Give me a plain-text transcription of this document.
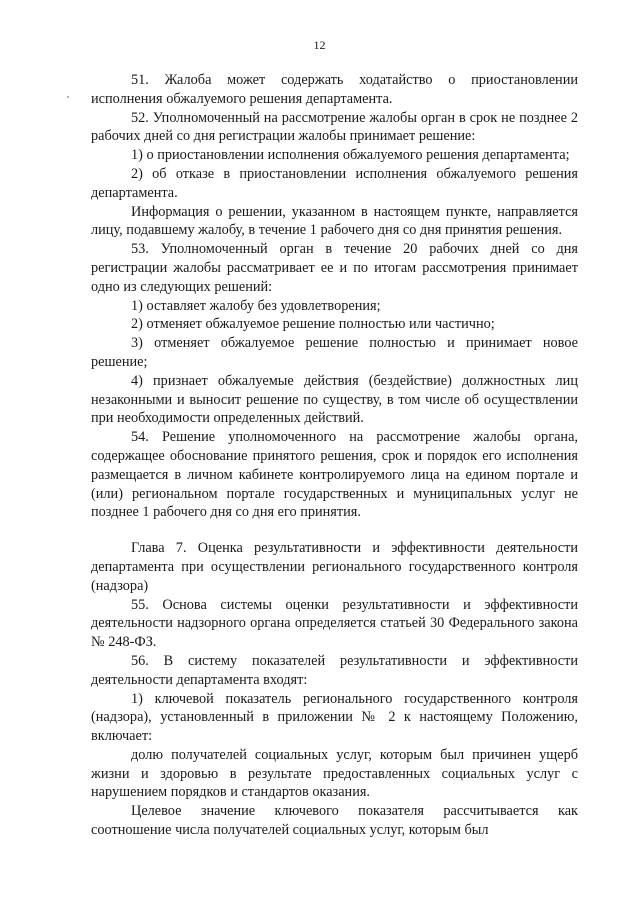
12

51. Жалоба может содержать ходатайство о приостановлении исполнения обжалуемого решения департамента.

52. Уполномоченный на рассмотрение жалобы орган в срок не позднее 2 рабочих дней со дня регистрации жалобы принимает решение:

1) о приостановлении исполнения обжалуемого решения департамента;

2) об отказе в приостановлении исполнения обжалуемого решения департамента.

Информация о решении, указанном в настоящем пункте, направляется лицу, подавшему жалобу, в течение 1 рабочего дня со дня принятия решения.

53. Уполномоченный орган в течение 20 рабочих дней со дня регистрации жалобы рассматривает ее и по итогам рассмотрения принимает одно из следующих решений:

1) оставляет жалобу без удовлетворения;

2) отменяет обжалуемое решение полностью или частично;

3) отменяет обжалуемое решение полностью и принимает новое решение;

4) признает обжалуемые действия (бездействие) должностных лиц незаконными и выносит решение по существу, в том числе об осуществлении при необходимости определенных действий.

54. Решение уполномоченного на рассмотрение жалобы органа, содержащее обоснование принятого решения, срок и порядок его исполнения размещается в личном кабинете контролируемого лица на едином портале и (или) региональном портале государственных и муниципальных услуг не позднее 1 рабочего дня со дня его принятия.

Глава 7. Оценка результативности и эффективности деятельности департамента при осуществлении регионального государственного контроля (надзора)

55. Основа системы оценки результативности и эффективности деятельности надзорного органа определяется статьей 30 Федерального закона № 248-ФЗ.

56. В систему показателей результативности и эффективности деятельности департамента входят:

1) ключевой показатель регионального государственного контроля (надзора), установленный в приложении № 2 к настоящему Положению, включает:

долю получателей социальных услуг, которым был причинен ущерб жизни и здоровью в результате предоставленных социальных услуг с нарушением порядков и стандартов оказания.

Целевое значение ключевого показателя рассчитывается как соотношение числа получателей социальных услуг, которым был
